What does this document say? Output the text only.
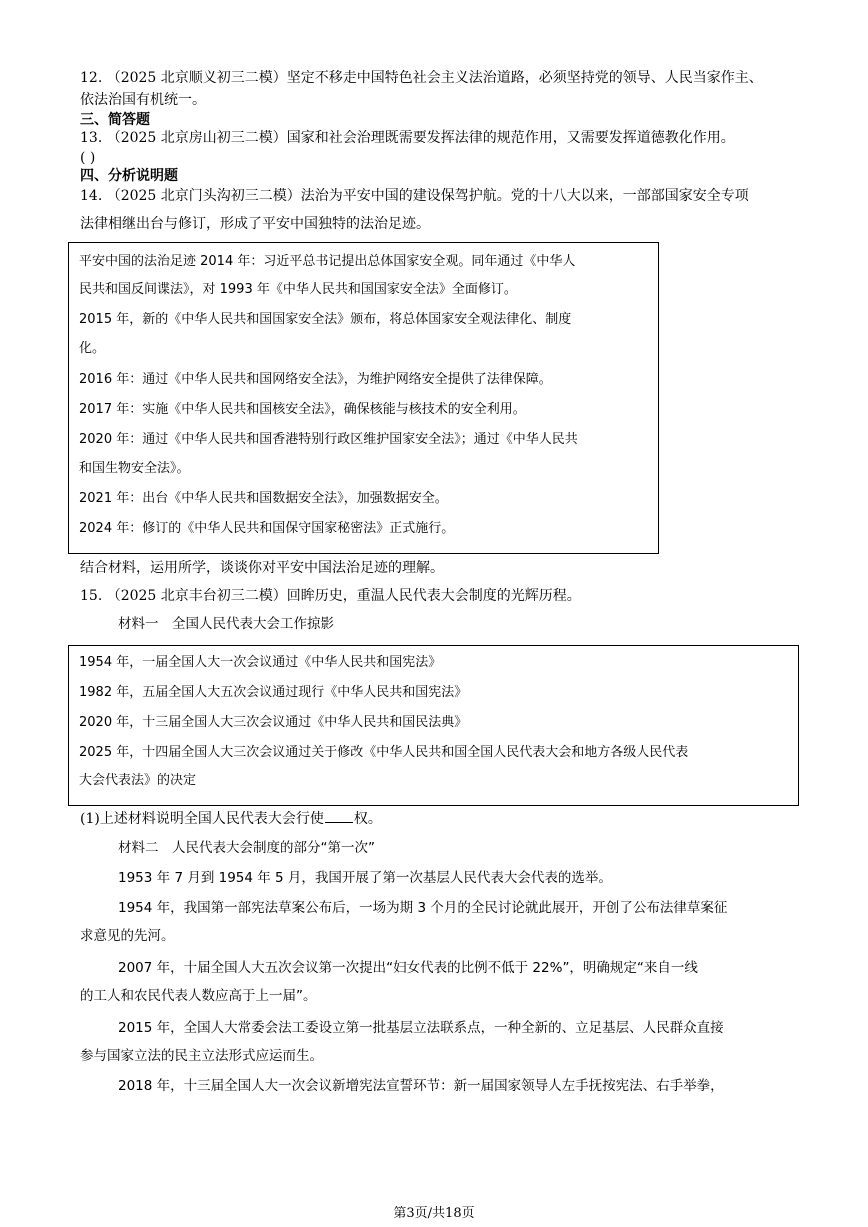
12. （2025 北京顺义初三二模）坚定不移走中国特色社会主义法治道路，必须坚持党的领导、人民当家作主、
依法治国有机统一。
三、简答题
13. （2025 北京房山初三二模）国家和社会治理既需要发挥法律的规范作用，又需要发挥道德教化作用。
( )
四、分析说明题
14. （2025 北京门头沟初三二模）法治为平安中国的建设保驾护航。党的十八大以来，一部部国家安全专项
法律相继出台与修订，形成了平安中国独特的法治足迹。
平安中国的法治足迹 2014 年：习近平总书记提出总体国家安全观。同年通过《中华人
民共和国反间谍法》，对 1993 年《中华人民共和国国家安全法》全面修订。
2015 年，新的《中华人民共和国国家安全法》颁布，将总体国家安全观法律化、制度
化。
2016 年：通过《中华人民共和国网络安全法》，为维护网络安全提供了法律保障。
2017 年：实施《中华人民共和国核安全法》，确保核能与核技术的安全利用。
2020 年：通过《中华人民共和国香港特别行政区维护国家安全法》；通过《中华人民共
和国生物安全法》。
2021 年：出台《中华人民共和国数据安全法》，加强数据安全。
2024 年：修订的《中华人民共和国保守国家秘密法》正式施行。
结合材料，运用所学，谈谈你对平安中国法治足迹的理解。
15. （2025 北京丰台初三二模）回眸历史，重温人民代表大会制度的光辉历程。
材料一　全国人民代表大会工作掠影
1954 年，一届全国人大一次会议通过《中华人民共和国宪法》
1982 年，五届全国人大五次会议通过现行《中华人民共和国宪法》
2020 年，十三届全国人大三次会议通过《中华人民共和国民法典》
2025 年，十四届全国人大三次会议通过关于修改《中华人民共和国全国人民代表大会和地方各级人民代表
大会代表法》的决定
(1)上述材料说明全国人民代表大会行使 权。
材料二　人民代表大会制度的部分“第一次”
1953 年 7 月到 1954 年 5 月，我国开展了第一次基层人民代表大会代表的选举。
1954 年，我国第一部宪法草案公布后，一场为期 3 个月的全民讨论就此展开，开创了公布法律草案征
求意见的先河。
2007 年，十届全国人大五次会议第一次提出“妇女代表的比例不低于 22%”，明确规定“来自一线
的工人和农民代表人数应高于上一届”。
2015 年，全国人大常委会法工委设立第一批基层立法联系点，一种全新的、立足基层、人民群众直接
参与国家立法的民主立法形式应运而生。
2018 年，十三届全国人大一次会议新增宪法宣誓环节：新一届国家领导人左手抚按宪法、右手举拳，
第3页/共18页
